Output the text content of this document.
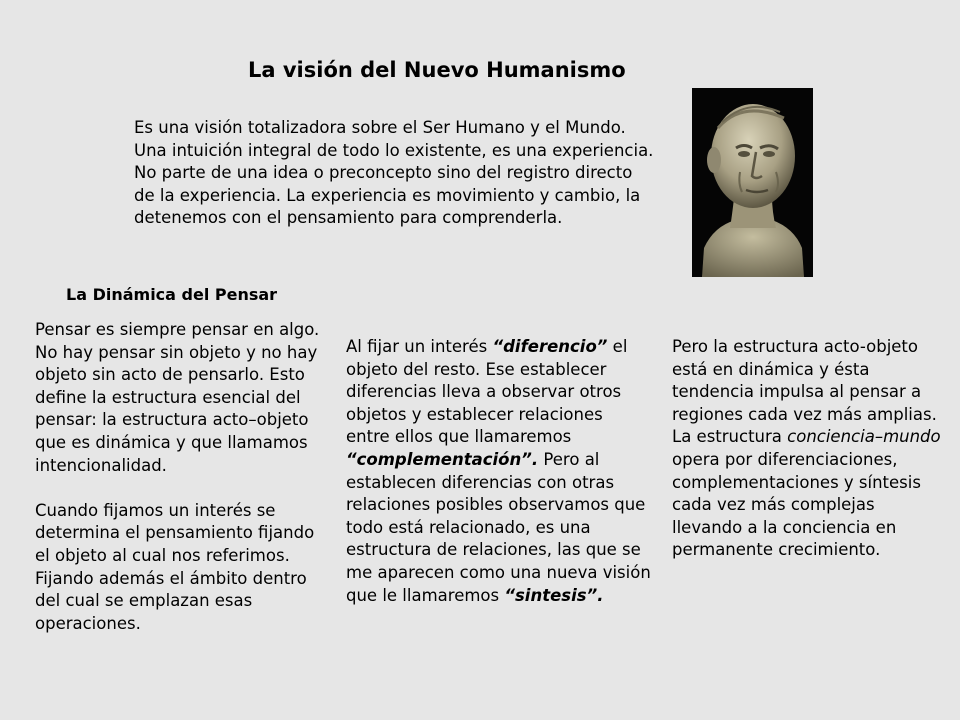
La visión del Nuevo Humanismo
Es una visión totalizadora sobre el Ser Humano y el Mundo. Una intuición integral de todo lo existente, es una experiencia. No parte de una idea o preconcepto sino del registro directo de la experiencia. La experiencia es movimiento y cambio, la detenemos con el pensamiento para comprenderla.
La Dinámica del Pensar

Pensar es siempre pensar en algo. No hay pensar sin objeto y no hay objeto sin acto de pensarlo. Esto define la estructura esencial del pensar: la estructura acto–objeto que es dinámica y que llamamos intencionalidad.

Cuando fijamos un interés se determina el pensamiento fijando el objeto al cual nos referimos. Fijando además el ámbito dentro del cual se emplazan esas operaciones.

Al fijar un interés “diferencio” el objeto del resto. Ese establecer diferencias lleva a observar otros objetos y establecer relaciones entre ellos que llamaremos “complementación”. Pero al establecen diferencias con otras relaciones posibles observamos que todo está relacionado, es una estructura de relaciones, las que se me aparecen como una nueva visión que le llamaremos “sintesis”.

Pero la estructura acto-objeto está en dinámica y ésta tendencia impulsa al pensar a regiones cada vez más amplias. La estructura conciencia–mundo opera por diferenciaciones, complementaciones y síntesis cada vez más complejas llevando a la conciencia en permanente crecimiento.
